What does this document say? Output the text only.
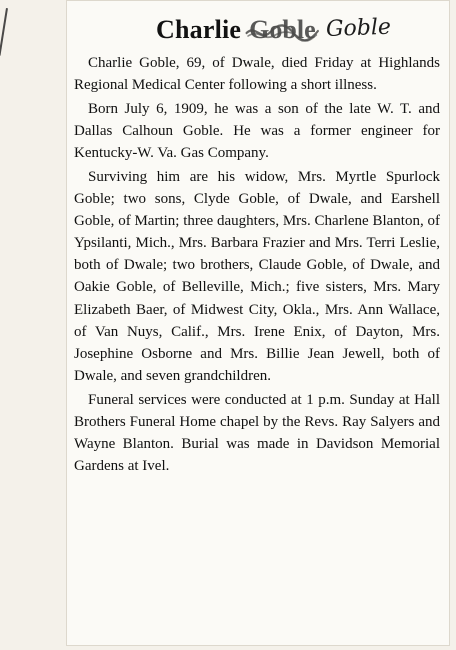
Charlie Goble Goble

Charlie Goble, 69, of Dwale, died Friday at Highlands Regional Medical Center following a short illness.

Born July 6, 1909, he was a son of the late W. T. and Dallas Calhoun Goble. He was a former engineer for Kentucky-W. Va. Gas Company.

Surviving him are his widow, Mrs. Myrtle Spurlock Goble; two sons, Clyde Goble, of Dwale, and Earshell Goble, of Martin; three daughters, Mrs. Charlene Blanton, of Ypsilanti, Mich., Mrs. Barbara Frazier and Mrs. Terri Leslie, both of Dwale; two brothers, Claude Goble, of Dwale, and Oakie Goble, of Belleville, Mich.; five sisters, Mrs. Mary Elizabeth Baer, of Midwest City, Okla., Mrs. Ann Wallace, of Van Nuys, Calif., Mrs. Irene Enix, of Dayton, Mrs. Josephine Osborne and Mrs. Billie Jean Jewell, both of Dwale, and seven grandchildren.

Funeral services were conducted at 1 p.m. Sunday at Hall Brothers Funeral Home chapel by the Revs. Ray Salyers and Wayne Blanton. Burial was made in Davidson Memorial Gardens at Ivel.
